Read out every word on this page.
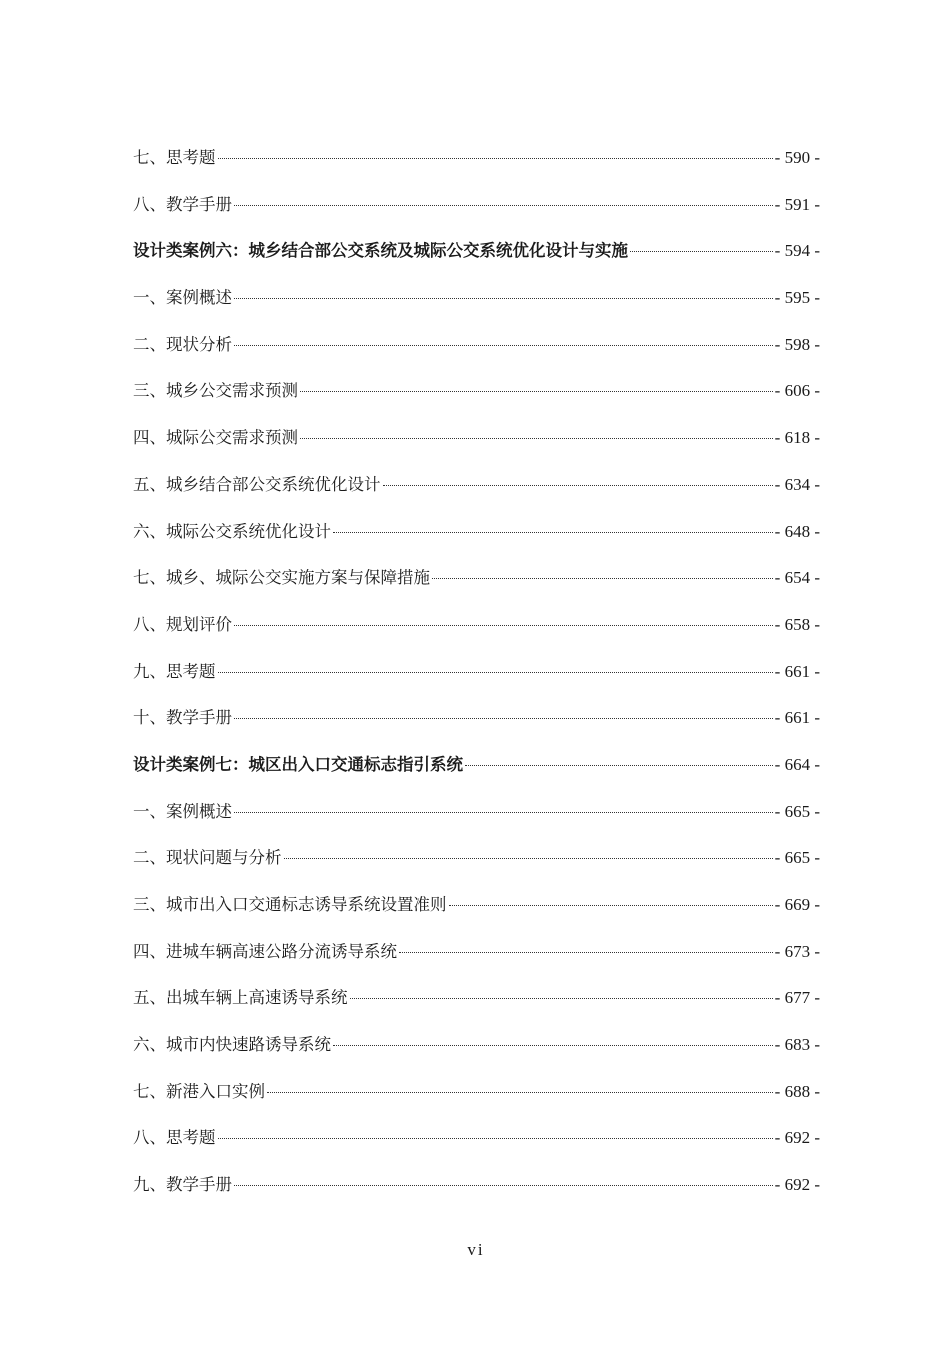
七、思考题	- 590 -
八、教学手册	- 591 -
设计类案例六：城乡结合部公交系统及城际公交系统优化设计与实施	- 594 -
一、案例概述	- 595 -
二、现状分析	- 598 -
三、城乡公交需求预测	- 606 -
四、城际公交需求预测	- 618 -
五、城乡结合部公交系统优化设计	- 634 -
六、城际公交系统优化设计	- 648 -
七、城乡、城际公交实施方案与保障措施	- 654 -
八、规划评价	- 658 -
九、思考题	- 661 -
十、教学手册	- 661 -
设计类案例七：城区出入口交通标志指引系统	- 664 -
一、案例概述	- 665 -
二、现状问题与分析	- 665 -
三、城市出入口交通标志诱导系统设置准则	- 669 -
四、进城车辆高速公路分流诱导系统	- 673 -
五、出城车辆上高速诱导系统	- 677 -
六、城市内快速路诱导系统	- 683 -
七、新港入口实例	- 688 -
八、思考题	- 692 -
九、教学手册	- 692 -
vi
